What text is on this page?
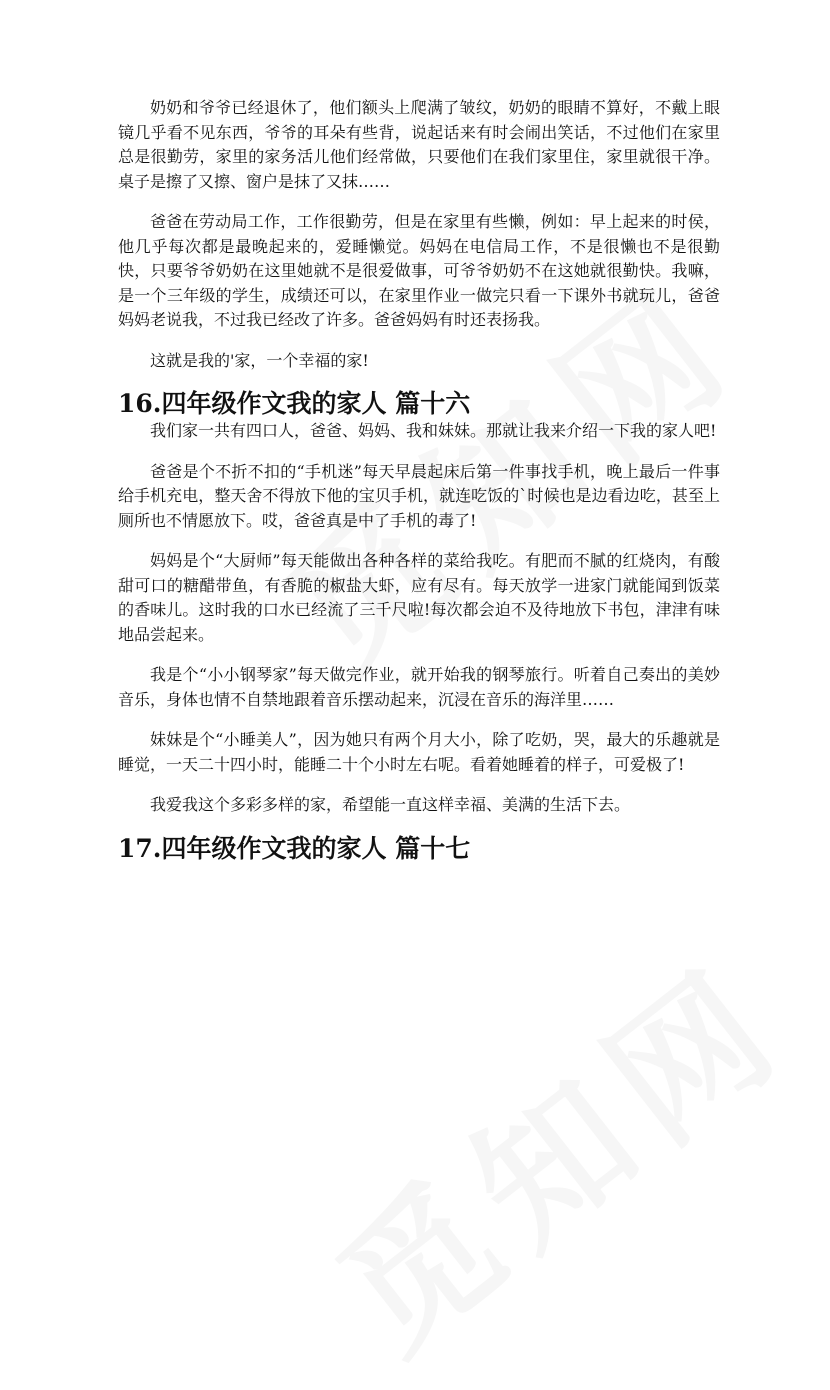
奶奶和爷爷已经退休了，他们额头上爬满了皱纹，奶奶的眼睛不算好，不戴上眼镜几乎看不见东西，爷爷的耳朵有些背，说起话来有时会闹出笑话，不过他们在家里总是很勤劳，家里的家务活儿他们经常做，只要他们在我们家里住，家里就很干净。桌子是擦了又擦、窗户是抹了又抹……

爸爸在劳动局工作，工作很勤劳，但是在家里有些懒，例如：早上起来的时侯，他几乎每次都是最晚起来的，爱睡懒觉。妈妈在电信局工作，不是很懒也不是很勤快，只要爷爷奶奶在这里她就不是很爱做事，可爷爷奶奶不在这她就很勤快。我嘛，是一个三年级的学生，成绩还可以，在家里作业一做完只看一下课外书就玩儿，爸爸妈妈老说我，不过我已经改了许多。爸爸妈妈有时还表扬我。

这就是我的'家，一个幸福的家!

16.四年级作文我的家人 篇十六

我们家一共有四口人，爸爸、妈妈、我和妹妹。那就让我来介绍一下我的家人吧!

爸爸是个不折不扣的“手机迷”每天早晨起床后第一件事找手机，晚上最后一件事给手机充电，整天舍不得放下他的宝贝手机，就连吃饭的`时候也是边看边吃，甚至上厕所也不情愿放下。哎，爸爸真是中了手机的毒了!

妈妈是个“大厨师”每天能做出各种各样的菜给我吃。有肥而不腻的红烧肉，有酸甜可口的糖醋带鱼，有香脆的椒盐大虾，应有尽有。每天放学一进家门就能闻到饭菜的香味儿。这时我的口水已经流了三千尺啦!每次都会迫不及待地放下书包，津津有味地品尝起来。

我是个“小小钢琴家”每天做完作业，就开始我的钢琴旅行。听着自己奏出的美妙音乐，身体也情不自禁地跟着音乐摆动起来，沉浸在音乐的海洋里……

妹妹是个“小睡美人”，因为她只有两个月大小，除了吃奶，哭，最大的乐趣就是睡觉，一天二十四小时，能睡二十个小时左右呢。看着她睡着的样子，可爱极了!

我爱我这个多彩多样的家，希望能一直这样幸福、美满的生活下去。

17.四年级作文我的家人 篇十七
